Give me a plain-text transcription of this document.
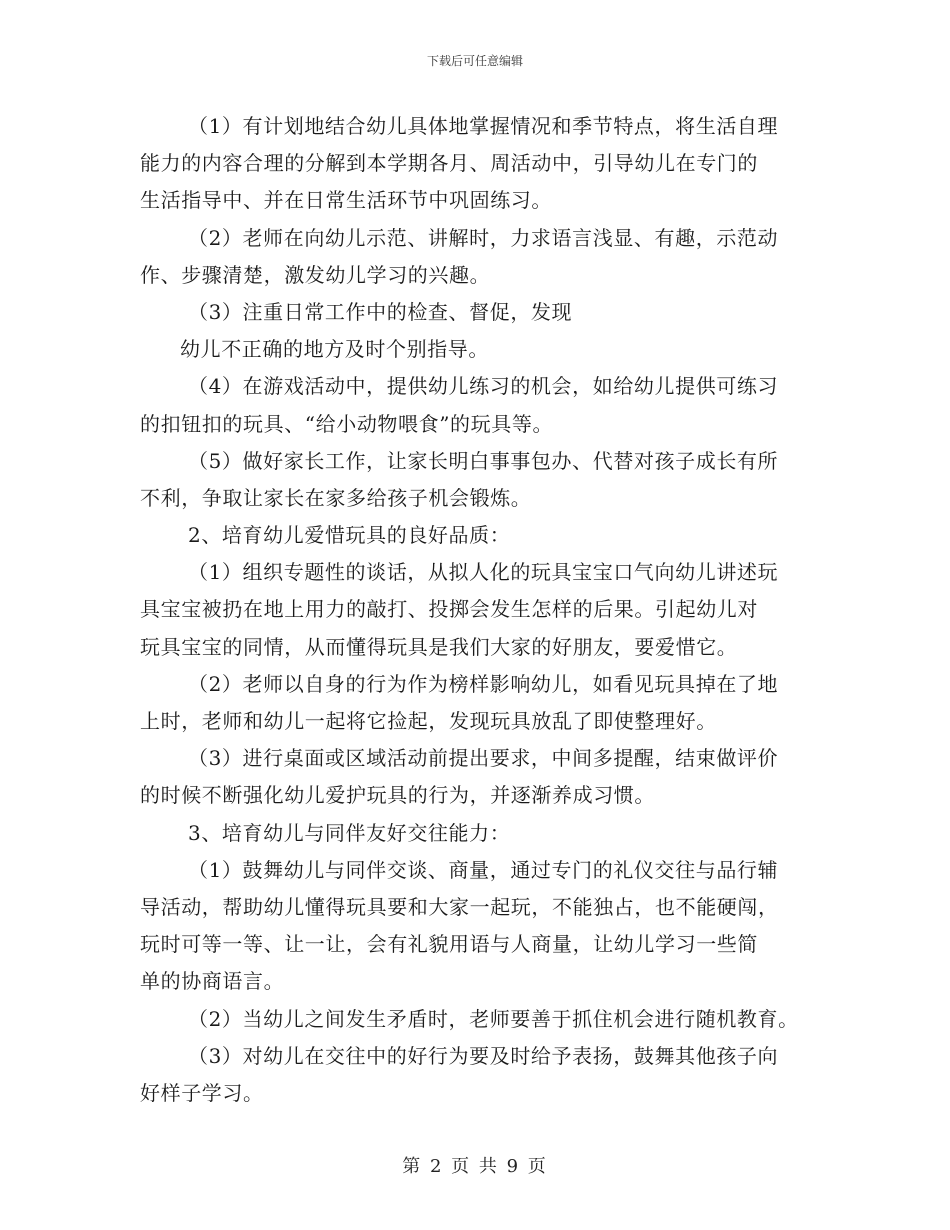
下载后可任意编辑
（1）有计划地结合幼儿具体地掌握情况和季节特点，将生活自理
能力的内容合理的分解到本学期各月、周活动中，引导幼儿在专门的
生活指导中、并在日常生活环节中巩固练习。
（2）老师在向幼儿示范、讲解时，力求语言浅显、有趣，示范动
作、步骤清楚，激发幼儿学习的兴趣。
（3）注重日常工作中的检查、督促，发现
幼儿不正确的地方及时个别指导。
（4）在游戏活动中，提供幼儿练习的机会，如给幼儿提供可练习
的扣钮扣的玩具、“给小动物喂食”的玩具等。
（5）做好家长工作，让家长明白事事包办、代替对孩子成长有所
不利，争取让家长在家多给孩子机会锻炼。
2、培育幼儿爱惜玩具的良好品质：
（1）组织专题性的谈话，从拟人化的玩具宝宝口气向幼儿讲述玩
具宝宝被扔在地上用力的敲打、投掷会发生怎样的后果。引起幼儿对
玩具宝宝的同情，从而懂得玩具是我们大家的好朋友，要爱惜它。
（2）老师以自身的行为作为榜样影响幼儿，如看见玩具掉在了地
上时，老师和幼儿一起将它捡起，发现玩具放乱了即使整理好。
（3）进行桌面或区域活动前提出要求，中间多提醒，结束做评价
的时候不断强化幼儿爱护玩具的行为，并逐渐养成习惯。
3、培育幼儿与同伴友好交往能力：
（1）鼓舞幼儿与同伴交谈、商量，通过专门的礼仪交往与品行辅
导活动，帮助幼儿懂得玩具要和大家一起玩，不能独占，也不能硬闯，
玩时可等一等、让一让，会有礼貌用语与人商量，让幼儿学习一些简
单的协商语言。
（2）当幼儿之间发生矛盾时，老师要善于抓住机会进行随机教育。
（3）对幼儿在交往中的好行为要及时给予表扬，鼓舞其他孩子向
好样子学习。
第 2 页 共 9 页
